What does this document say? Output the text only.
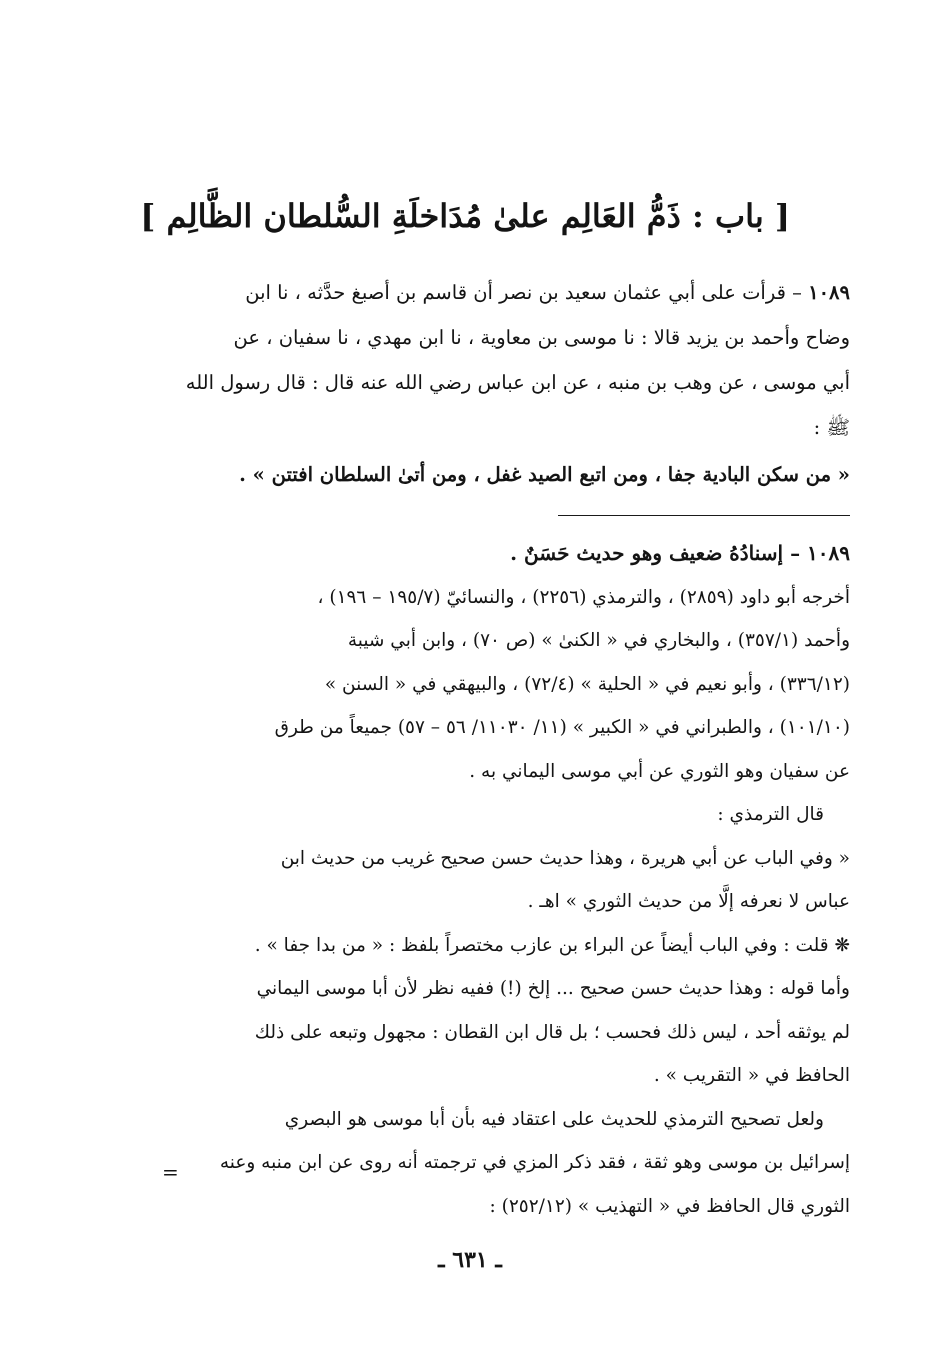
[ باب : ذَمُّ العَالِم علىٰ مُدَاخلَةِ السُّلطان الظَّالِم ]

١٠٨٩ – قرأت على أبي عثمان سعيد بن نصر أن قاسم بن أصبغ حدَّثه ، نا ابن

وضاح وأحمد بن يزيد قالا : نا موسى بن معاوية ، نا ابن مهدي ، نا سفيان ، عن

أبي موسى ، عن وهب بن منبه ، عن ابن عباس رضي الله عنه قال : قال رسول الله

ﷺ :

« من سكن البادية جفا ، ومن اتبع الصيد غفل ، ومن أتىٰ السلطان افتتن » .

١٠٨٩ – إسنادُهُ ضعيف وهو حديث حَسَنٌ .

أخرجه أبو داود (٢٨٥٩) ، والترمذي (٢٢٥٦) ، والنسائيّ (١٩٥/٧ – ١٩٦) ،

وأحمد (٣٥٧/١) ، والبخاري في « الكنىٰ » (ص ٧٠) ، وابن أبي شيبة

(٣٣٦/١٢) ، وأبو نعيم في « الحلية » (٧٢/٤) ، والبيهقي في « السنن »

(١٠١/١٠) ، والطبراني في « الكبير » (١١/ ١١٠٣٠/ ٥٦ – ٥٧) جميعاً من طرق

عن سفيان وهو الثوري عن أبي موسى اليماني به .

قال الترمذي :

« وفي الباب عن أبي هريرة ، وهذا حديث حسن صحيح غريب من حديث ابن

عباس لا نعرفه إلَّا من حديث الثوري » اهـ .

❋ قلت : وفي الباب أيضاً عن البراء بن عازب مختصراً بلفظ : « من بدا جفا » .

وأما قوله : وهذا حديث حسن صحيح ... إلخ (!) ففيه نظر لأن أبا موسى اليماني

لم يوثقه أحد ، ليس ذلك فحسب ؛ بل قال ابن القطان : مجهول وتبعه على ذلك

الحافظ في « التقريب » .

ولعل تصحيح الترمذي للحديث على اعتقاد فيه بأن أبا موسى هو البصري

إسرائيل بن موسى وهو ثقة ، فقد ذكر المزي في ترجمته أنه روى عن ابن منبه وعنه

الثوري قال الحافظ في « التهذيب » (٢٥٢/١٢) :

=
ـ ٦٣١ ـ
